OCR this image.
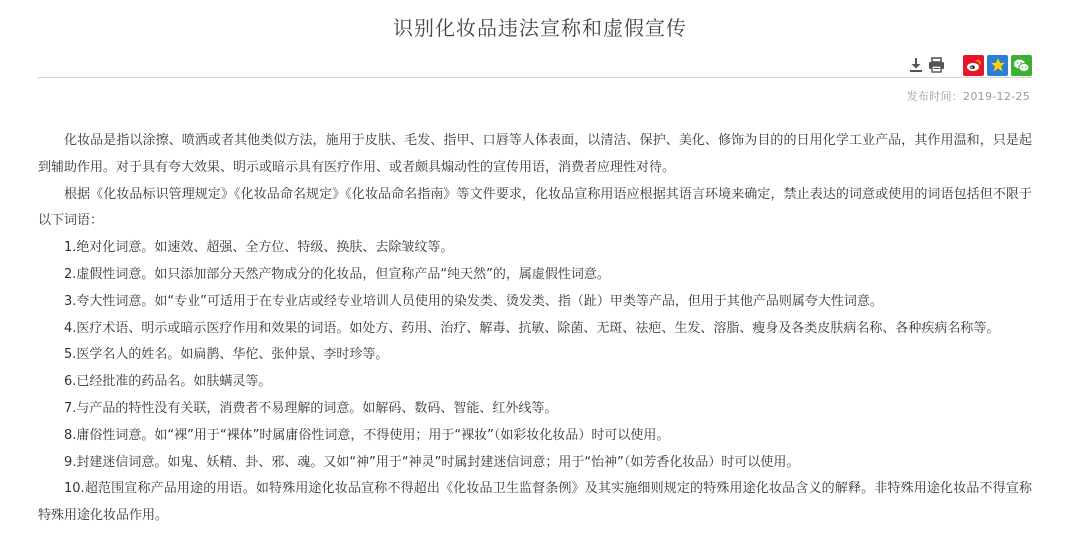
识别化妆品违法宣称和虚假宣传
发布时间：2019-12-25

化妆品是指以涂擦、喷洒或者其他类似方法，施用于皮肤、毛发、指甲、口唇等人体表面，以清洁、保护、美化、修饰为目的的日用化学工业产品，其作用温和，只是起到辅助作用。对于具有夸大效果、明示或暗示具有医疗作用、或者颇具煽动性的宣传用语，消费者应理性对待。

根据《化妆品标识管理规定》《化妆品命名规定》《化妆品命名指南》等文件要求，化妆品宣称用语应根据其语言环境来确定，禁止表达的词意或使用的词语包括但不限于以下词语：

1.绝对化词意。如速效、超强、全方位、特级、换肤、去除皱纹等。

2.虚假性词意。如只添加部分天然产物成分的化妆品，但宣称产品“纯天然”的，属虚假性词意。

3.夸大性词意。如“专业”可适用于在专业店或经专业培训人员使用的染发类、烫发类、指（趾）甲类等产品，但用于其他产品则属夸大性词意。

4.医疗术语、明示或暗示医疗作用和效果的词语。如处方、药用、治疗、解毒、抗敏、除菌、无斑、祛疤、生发、溶脂、瘦身及各类皮肤病名称、各种疾病名称等。

5.医学名人的姓名。如扁鹊、华佗、张仲景、李时珍等。

6.已经批准的药品名。如肤螨灵等。

7.与产品的特性没有关联，消费者不易理解的词意。如解码、数码、智能、红外线等。

8.庸俗性词意。如“裸”用于“裸体”时属庸俗性词意，不得使用；用于“裸妆”（如彩妆化妆品）时可以使用。

9.封建迷信词意。如鬼、妖精、卦、邪、魂。又如“神”用于“神灵”时属封建迷信词意；用于“怡神”（如芳香化妆品）时可以使用。

10.超范围宣称产品用途的用语。如特殊用途化妆品宣称不得超出《化妆品卫生监督条例》及其实施细则规定的特殊用途化妆品含义的解释。非特殊用途化妆品不得宣称特殊用途化妆品作用。
